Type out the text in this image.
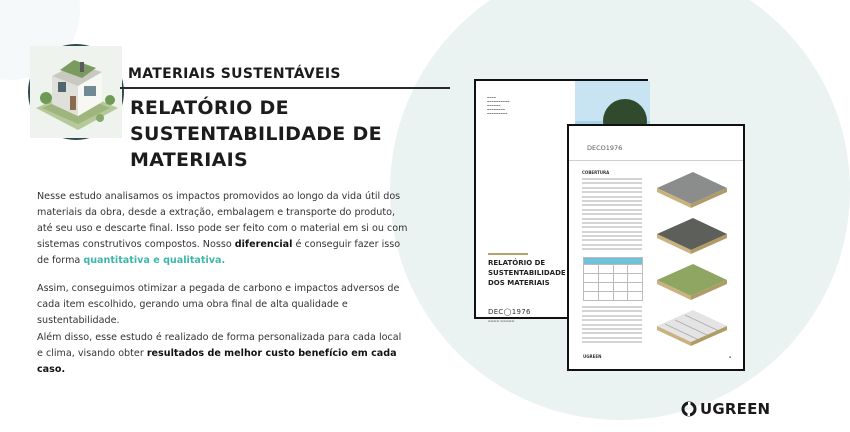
MATERIAIS SUSTENTÁVEIS
RELATÓRIO DE SUSTENTABILIDADE DE MATERIAIS
Nesse estudo analisamos os impactos promovidos ao longo da vida útil dos materiais da obra, desde a extração, embalagem e transporte do produto, até seu uso e descarte final. Isso pode ser feito com o material em si ou com sistemas construtivos compostos. Nosso diferencial é conseguir fazer isso de forma quantitativa e qualitativa.
Assim, conseguimos otimizar a pegada de carbono e impactos adversos de cada item escolhido, gerando uma obra final de alta qualidade e sustentabilidade.
Além disso, esse estudo é realizado de forma personalizada para cada local e clima, visando obter resultados de melhor custo benefício em cada caso.
▬▬▬▬
▬▬▬▬▬▬▬▬▬▬
▬▬▬▬▬▬
▬▬▬▬▬▬▬▬
▬▬▬▬▬▬▬▬▬
RELATÓRIO DE SUSTENTABILIDADE DOS MATERIAIS
DEC◯1976
▬▬▬▬ ▬▬▬▬▬
DECO1976
COBERTURA

UGREEN	▪
UGREEN
